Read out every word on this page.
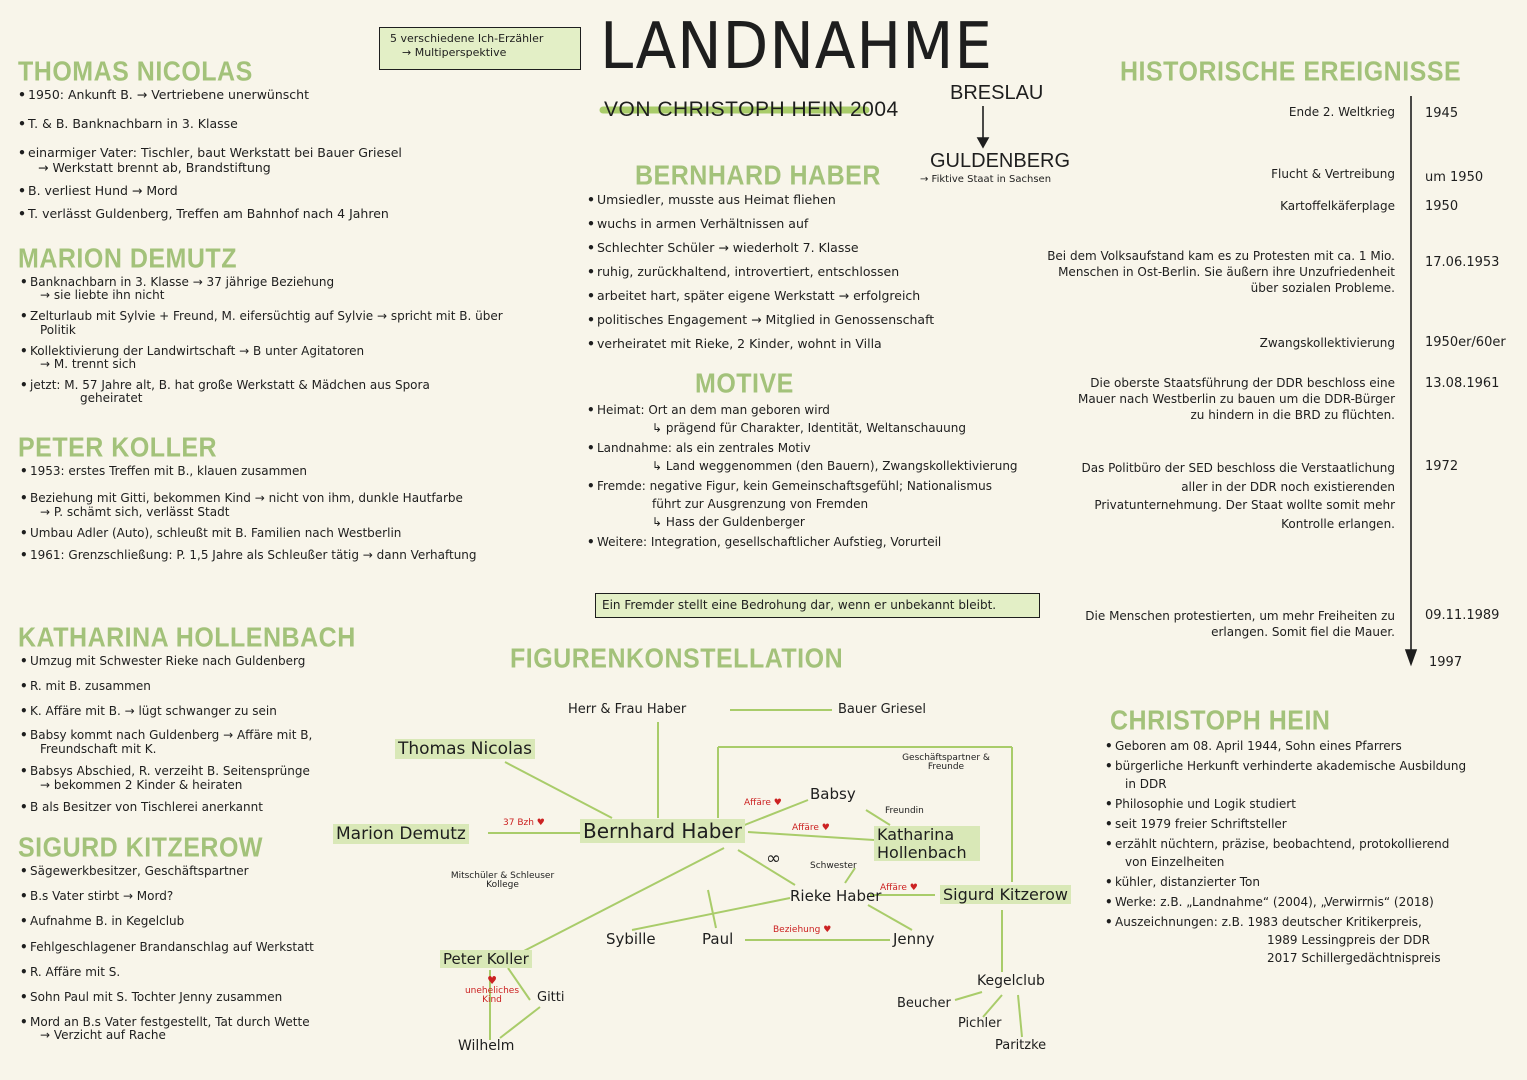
5 verschiedene Ich-Erzähler
→ Multiperspektive	LANDNAHME
VON CHRISTOPH HEIN 2004
BRESLAU
GULDENBERG
→ Fiktive Staat in Sachsen
THOMAS NICOLAS
• 1950: Ankunft B. → Vertriebene unerwünscht
• T. & B. Banknachbarn in 3. Klasse
• einarmiger Vater: Tischler, baut Werkstatt bei Bauer Griesel
→ Werkstatt brennt ab, Brandstiftung
• B. verliest Hund → Mord
• T. verlässt Guldenberg, Treffen am Bahnhof nach 4 Jahren
MARION DEMUTZ
• Banknachbarn in 3. Klasse → 37 jährige Beziehung
→ sie liebte ihn nicht
• Zelturlaub mit Sylvie + Freund, M. eifersüchtig auf Sylvie → spricht mit B. über
Politik
• Kollektivierung der Landwirtschaft → B unter Agitatoren
→ M. trennt sich
• jetzt: M. 57 Jahre alt, B. hat große Werkstatt & Mädchen aus Spora
geheiratet
PETER KOLLER
• 1953: erstes Treffen mit B., klauen zusammen
• Beziehung mit Gitti, bekommen Kind → nicht von ihm, dunkle Hautfarbe
→ P. schämt sich, verlässt Stadt
• Umbau Adler (Auto), schleußt mit B. Familien nach Westberlin
• 1961: Grenzschließung: P. 1,5 Jahre als Schleußer tätig → dann Verhaftung
KATHARINA HOLLENBACH
• Umzug mit Schwester Rieke nach Guldenberg
• R. mit B. zusammen
• K. Affäre mit B. → lügt schwanger zu sein
• Babsy kommt nach Guldenberg → Affäre mit B,
Freundschaft mit K.
• Babsys Abschied, R. verzeiht B. Seitensprünge
→ bekommen 2 Kinder & heiraten
• B als Besitzer von Tischlerei anerkannt
SIGURD KITZEROW
• Sägewerkbesitzer, Geschäftspartner
• B.s Vater stirbt → Mord?
• Aufnahme B. in Kegelclub
• Fehlgeschlagener Brandanschlag auf Werkstatt
• R. Affäre mit S.
• Sohn Paul mit S. Tochter Jenny zusammen
• Mord an B.s Vater festgestellt, Tat durch Wette
→ Verzicht auf Rache
BERNHARD HABER
• Umsiedler, musste aus Heimat fliehen
• wuchs in armen Verhältnissen auf
• Schlechter Schüler → wiederholt 7. Klasse
• ruhig, zurückhaltend, introvertiert, entschlossen
• arbeitet hart, später eigene Werkstatt → erfolgreich
• politisches Engagement → Mitglied in Genossenschaft
• verheiratet mit Rieke, 2 Kinder, wohnt in Villa
MOTIVE
• Heimat: Ort an dem man geboren wird
↳ prägend für Charakter, Identität, Weltanschauung
• Landnahme: als ein zentrales Motiv
↳ Land weggenommen (den Bauern), Zwangskollektivierung
• Fremde: negative Figur, kein Gemeinschaftsgefühl; Nationalismus
führt zur Ausgrenzung von Fremden
↳ Hass der Guldenberger
• Weitere: Integration, gesellschaftlicher Aufstieg, Vorurteil
Ein Fremder stellt eine Bedrohung dar, wenn er unbekannt bleibt.
HISTORISCHE EREIGNISSE
Ende 2. Weltkrieg 1945
Flucht & Vertreibung um 1950
Kartoffelkäferplage 1950
Bei dem Volksaufstand kam es zu Protesten mit ca. 1 Mio. Menschen in Ost-Berlin. Sie äußern ihre Unzufriedenheit über sozialen Probleme.
17.06.1953
Zwangskollektivierung 1950er/60er
Die oberste Staatsführung der DDR beschloss eine Mauer nach Westberlin zu bauen um die DDR-Bürger zu hindern in die BRD zu flüchten.
13.08.1961
Das Politbüro der SED beschloss die Verstaatlichung aller in der DDR noch existierenden Privatunternehmung. Der Staat wollte somit mehr Kontrolle erlangen.
1972
Die Menschen protestierten, um mehr Freiheiten zu erlangen. Somit fiel die Mauer.
09.11.1989
1997
CHRISTOPH HEIN
• Geboren am 08. April 1944, Sohn eines Pfarrers
• bürgerliche Herkunft verhinderte akademische Ausbildung
in DDR
• Philosophie und Logik studiert
• seit 1979 freier Schriftsteller
• erzählt nüchtern, präzise, beobachtend, protokollierend
von Einzelheiten
• kühler, distanzierter Ton
• Werke: z.B. „Landnahme“ (2004), „Verwirrnis“ (2018)
• Auszeichnungen: z.B. 1983 deutscher Kritikerpreis,
1989 Lessingpreis der DDR
2017 Schillergedächtnispreis
FIGURENKONSTELLATION
Herr & Frau Haber	Bauer Griesel
Thomas Nicolas
Marion Demutz
37 Bzh ♥ Bernhard Haber
Babsy
Affäre ♥
Freundin
Affäre ♥	Katharina Hollenbach
Geschäftspartner & Freunde
∞	Schwester
Rieke Haber
Affäre ♥ Sigurd Kitzerow
Mitschüler & Schleuser Kollege
Sybille	Paul	Beziehung ♥	Jenny
Peter Koller
Gitti
♥
uneheliches Kind
Wilhelm
Kegelclub
Beucher
Pichler
Paritzke
